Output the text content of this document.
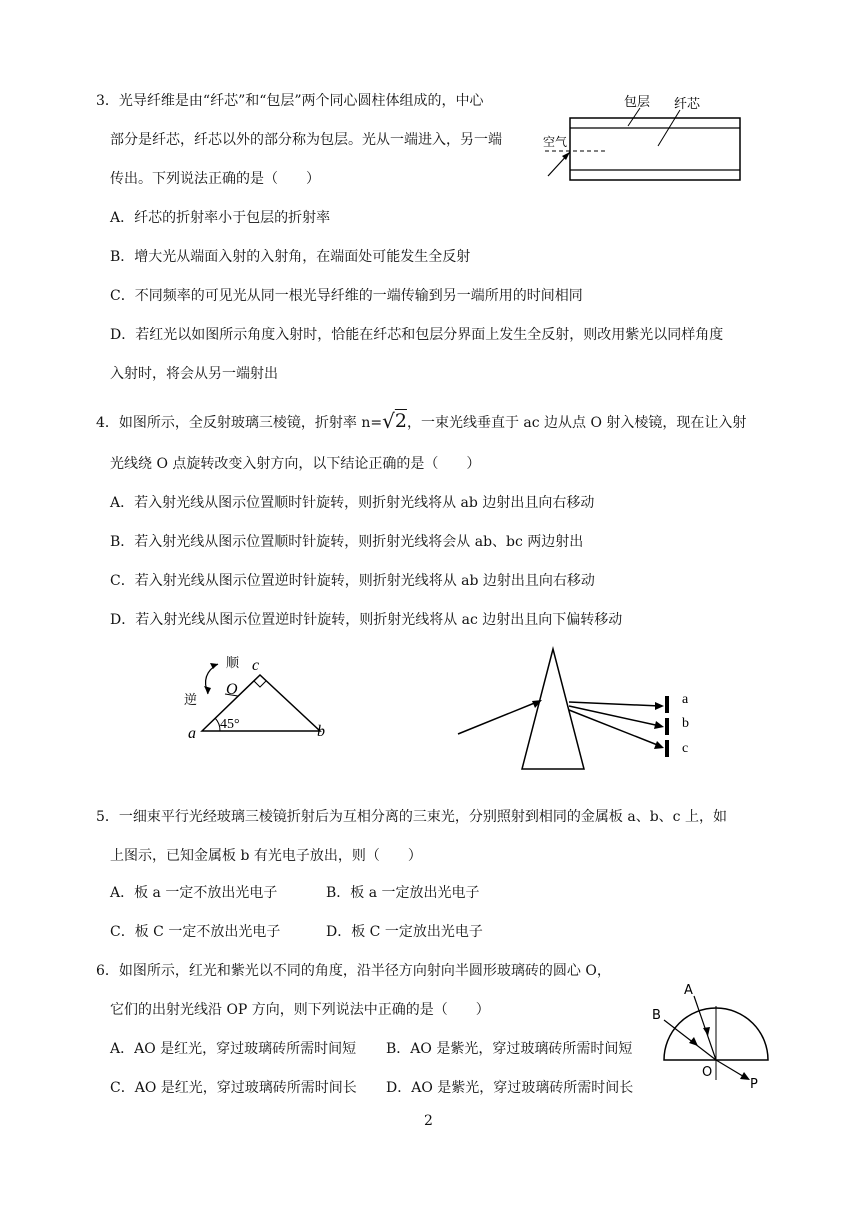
3．光导纤维是由“纤芯”和“包层”两个同心圆柱体组成的，中心
部分是纤芯，纤芯以外的部分称为包层。光从一端进入，另一端
传出。下列说法正确的是（　　）
A．纤芯的折射率小于包层的折射率
B．增大光从端面入射的入射角，在端面处可能发生全反射
C．不同频率的可见光从同一根光导纤维的一端传输到另一端所用的时间相同
D．若红光以如图所示角度入射时，恰能在纤芯和包层分界面上发生全反射，则改用紫光以同样角度
入射时，将会从另一端射出
包层 纤芯
空气
4．如图所示，全反射玻璃三棱镜，折射率 n=√2，一束光线垂直于 ac 边从点 O 射入棱镜，现在让入射
光线绕 O 点旋转改变入射方向，以下结论正确的是（　　）
A．若入射光线从图示位置顺时针旋转，则折射光线将从 ab 边射出且向右移动
B．若入射光线从图示位置顺时针旋转，则折射光线将会从 ab、bc 两边射出
C．若入射光线从图示位置逆时针旋转，则折射光线将从 ab 边射出且向右移动
D．若入射光线从图示位置逆时针旋转，则折射光线将从 ac 边射出且向下偏转移动
顺
逆
O
c
a	b
45°
a
b
c
5．一细束平行光经玻璃三棱镜折射后为互相分离的三束光，分别照射到相同的金属板 a、b、c 上，如
上图示，已知金属板 b 有光电子放出，则（　　）
A．板 a 一定不放出光电子	B．板 a 一定放出光电子
C．板 C 一定不放出光电子	D．板 C 一定放出光电子
6．如图所示，红光和紫光以不同的角度，沿半径方向射向半圆形玻璃砖的圆心 O，
它们的出射光线沿 OP 方向，则下列说法中正确的是（　　）
A．AO 是红光，穿过玻璃砖所需时间短 B．AO 是紫光，穿过玻璃砖所需时间短
C．AO 是红光，穿过玻璃砖所需时间长 D．AO 是紫光，穿过玻璃砖所需时间长
A
B
O
P
2
